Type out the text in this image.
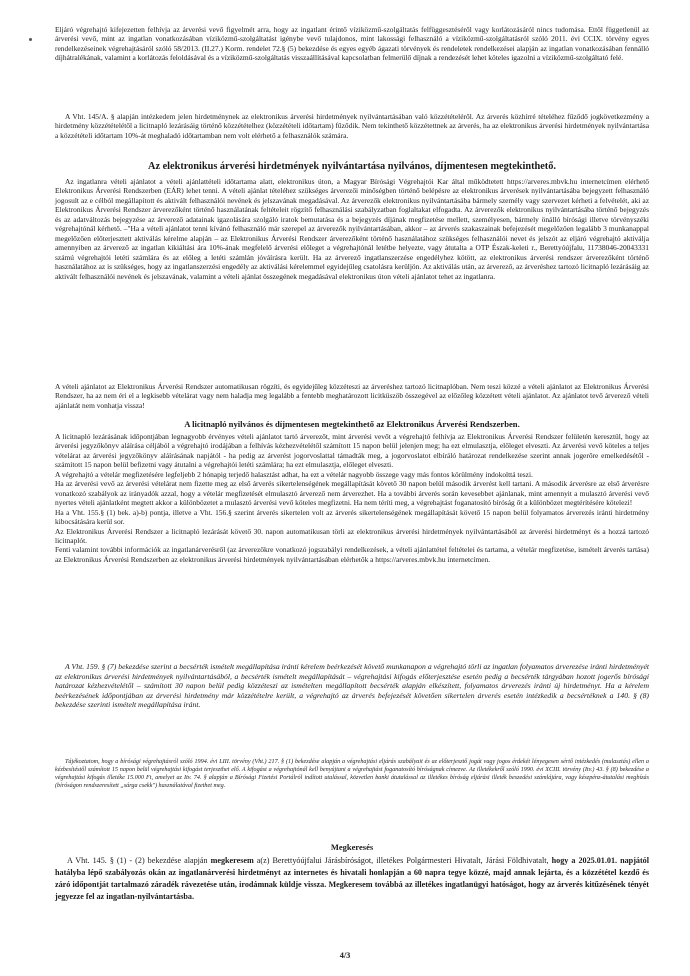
Eljáró végrehajtó kifejezetten felhívja az árverési vevő figyelmét arra, hogy az ingatlant érintő víziközmű-szolgáltatás felfüggesztéséről vagy korlátozásáról nincs tudomása. Ettől függetlenül az árverési vevő, mint az ingatlan vonatkozásában víziközmű-szolgáltatást igénybe vevő tulajdonos, mint lakossági felhasználó a víziközmű-szolgáltatásról szóló 2011. évi CCIX. törvény egyes rendelkezéseinek végrehajtásáról szóló 58/2013. (II.27.) Korm. rendelet 72.§ (5) bekezdése és egyes egyéb ágazati törvények és rendeletek rendelkezései alapján az ingatlan vonatkozásában fennálló díjhátralékának, valamint a korlátozás feloldásával és a víziközmű-szolgáltatás visszaállításával kapcsolatban felmerülő díjnak a rendezését lehet köteles igazolni a víziközmű-szolgáltató felé.

A Vht. 145/A. § alapján intézkedem jelen hirdetménynek az elektronikus árverési hirdetmények nyilvántartásában való közzétételéről. Az árverés közhírré tételéhez fűződő jogkövetkezmény a hirdetmény közzétételétől a licitnapló lezárásáig történő közzétételhez (közzétételi időtartam) fűződik. Nem tekinthető közzétettnek az árverés, ha az elektronikus árverési hirdetmények nyilvántartása a közzétételi időtartam 10%-át meghaladó időtartamban nem volt elérhető a felhasználók számára.

Az elektronikus árverési hirdetmények nyilvántartása nyilvános, díjmentesen megtekinthető.

Az ingatlanra vételi ajánlatot a vételi ajánlattételi időtartama alatt, elektronikus úton, a Magyar Bírósági Végrehajtói Kar által működtetett https://arveres.mbvk.hu internetcímen elérhető Elektronikus Árverési Rendszerben (EÁR) lehet tenni. A vételi ajánlat tételéhez szükséges árverezői minőségben történő belépésre az elektronikus árverések nyilvántartásába bejegyzett felhasználó jogosult az e célból megállapított és aktivált felhasználói nevének és jelszavának megadásával. Az árverezők elektronikus nyilvántartásába bármely személy vagy szervezet kérheti a felvételét, aki az Elektronikus Árverési Rendszer árverezőként történő használatának feltételeit rögzítő felhasználási szabályzatban foglaltakat elfogadta. Az árverezők elektronikus nyilvántartásába történő bejegyzés és az adatváltozás bejegyzése az árverező adatainak igazolására szolgáló iratok bemutatása és a bejegyzés díjának megfizetése mellett, személyesen, bármely önálló bírósági illetve törvényszéki végrehajtónál kérhető. –"Ha a vételi ajánlatot tenni kívánó felhasználó már szerepel az árverezők nyilvántartásában, akkor – az árverés szakaszainak befejezését megelőzően legalább 3 munkanappal megelőzően előterjesztett aktiválás kérelme alapján – az Elektronikus Árverési Rendszer árverezőként történő használatához szükséges felhasználói nevet és jelszót az eljáró végrehajtó aktiválja amennyiben az árverező az ingatlan kikiáltási ára 10%-ának megfelelő árverési előleget a végrehajtónál letétbe helyezte, vagy átutalta a OTP Észak-keleti r., Berettyóújfalu, 11738046-20043331 számú végrehajtói letéti számlára és az előleg a letéti számlán jóváírásra került. Ha az árverező ingatlanszerzése engedélyhez kötött, az elektronikus árverési rendszer árverezőként történő használatához az is szükséges, hogy az ingatlanszerzési engedély az aktiválási kérelemmel egyidejűleg csatolásra kerüljön. Az aktiválás után, az árverező, az árveréshez tartozó licitnapló lezárásáig az aktivált felhasználói nevének és jelszavának, valamint a vételi ajánlat összegének megadásával elektronikus úton vételi ajánlatot tehet az ingatlanra.

A vételi ajánlatot az Elektronikus Árverési Rendszer automatikusan rögzíti, és egyidejűleg közzéteszi az árveréshez tartozó licitnaplóban. Nem teszi közzé a vételi ajánlatot az Elektronikus Árverési Rendszer, ha az nem éri el a legkisebb vételárat vagy nem haladja meg legalább a fentebb meghatározott licitküszöb összegével az előzőleg közzétett vételi ajánlatot. Az ajánlatot tevő árverező vételi ajánlatát nem vonhatja vissza!

A licitnapló nyilvános és díjmentesen megtekinthető az Elektronikus Árverési Rendszerben.

A licitnapló lezárásának időpontjában legnagyobb érvényes vételi ajánlatot tartó árverezőt, mint árverési vevőt a végrehajtó felhívja az Elektronikus Árverési Rendszer felületén keresztül, hogy az árverési jegyzőkönyv aláírása céljából a végrehajtó irodájában a felhívás kézhezvételétől számított 15 napon belül jelenjen meg; ha ezt elmulasztja, előleget elveszti. Az árverési vevő köteles a teljes vételárat az árverési jegyzőkönyv aláírásának napjától - ha pedig az árverést jogorvoslattal támadták meg, a jogorvoslatot elbíráló határozat rendelkezése szerint annak jogerőre emelkedésétől - számított 15 napon belül befizetni vagy átutalni a végrehajtói letéti számlára; ha ezt elmulasztja, előleget elveszti.

A végrehajtó a vételár megfizetésére legfeljebb 2 hónapig terjedő halasztást adhat, ha ezt a vételár nagyobb összege vagy más fontos körülmény indokolttá teszi.

Ha az árverési vevő az árverési vételárat nem fizette meg az első árverés sikertelenségének megállapítását követő 30 napon belül második árverést kell tartani. A második árverésre az első árverésre vonatkozó szabályok az irányadók azzal, hogy a vételár megfizetését elmulasztó árverező nem árverezhet. Ha a további árverés során kevesebbet ajánlanak, mint amennyit a mulasztó árverési vevő nyertes vételi ajánlatként megtett akkor a különbözetet a mulasztó árverési vevő köteles megfizetni. Ha nem téríti meg, a végrehajtást foganatosító bíróság őt a különbözet megtérítésére kötelezi!

Ha a Vht. 155.§ (1) bek. a)-b) pontja, illetve a Vht. 156.§ szerint árverés sikertelen volt az árverés sikertelenségének megállapítását követő 15 napon belül folyamatos árverezés iránti hirdetmény kibocsátására kerül sor.

Az Elektronikus Árverési Rendszer a licitnapló lezárását követő 30. napon automatikusan törli az elektronikus árverési hirdetmények nyilvántartásából az árverési hirdetményt és a hozzá tartozó licitnaplót.

Fenti valamint további információk az ingatlanárverésről (az árverezőkre vonatkozó jogszabályi rendelkezések, a vételi ajánlattétel feltételei és tartama, a vételár megfizetése, ismételt árverés tartása) az Elektronikus Árverési Rendszerben az elektronikus árverési hirdetmények nyilvántartásában elérhetők a https://arveres.mbvk.hu internetcímen.

A Vht. 159. § (7) bekezdése szerint a becsérték ismételt megállapítása iránti kérelem beérkezését követő munkanapon a végrehajtó törli az ingatlan folyamatos árverezése iránti hirdetményét az elektronikus árverési hirdetmények nyilvántartásából, a becsérték ismételt megállapítását – végrehajtási kifogás előterjesztése esetén pedig a becsérték tárgyában hozott jogerős bírósági határozat kézhezvételétől – számított 30 napon belül pedig közzéteszi az ismételten megállapított becsérték alapján elkészített, folyamatos árverezés iránti új hirdetményt. Ha a kérelem beérkezésének időpontjában az árverési hirdetmény már közzétételre került, a végrehajtó az árverés befejezését követően sikertelen árverés esetén intézkedik a becsértéknek a 140. § (8) bekezdése szerinti ismételt megállapítása iránt.

Tájékoztatom, hogy a bírósági végrehajtásról szóló 1994. évi LIII. törvény (Vht.) 217. § (1) bekezdése alapján a végrehajtási eljárás szabályait és az előterjesztő jogát vagy jogos érdekét lényegesen sértő intézkedés (mulasztás) ellen a kézbesítéstől számított 15 napon belül végrehajtási kifogást terjeszthet elő. A kifogást a végrehajtónál kell benyújtani a végrehajtást foganatosító bíróságnak címezve. Az illetékekről szóló 1990. évi XCIII. törvény (Itv.) 43. § (8) bekezdése a végrehajtási kifogás illetéke 15.000 Ft, amelyet az Itv. 74. § alapján a Bírósági Fizetési Portálról indított utalással, közvetlen banki átutalással az illetékes bíróság eljárási illeték beszedési számlájára, vagy készpénz-átutalási megbízás (bíróságon rendszeresített „sárga csekk") használatával fizethet meg.

Megkeresés

A Vht. 145. § (1) - (2) bekezdése alapján megkeresem a(z) Berettyóújfalui Járásbíróságot, illetékes Polgármesteri Hivatalt, Járási Földhivatalt, hogy a 2025.01.01. napjától hatályba lépő szabályozás okán az ingatlanárverési hirdetményt az internetes és hivatali honlapján a 60 napra tegye közzé, majd annak lejárta, és a közzététel kezdő és záró időpontját tartalmazó záradék rávezetése után, irodámnak küldje vissza. Megkeresem továbbá az illetékes ingatlanügyi hatóságot, hogy az árverés kitűzésének tényét jegyezze fel az ingatlan-nyilvántartásba.

4/3
